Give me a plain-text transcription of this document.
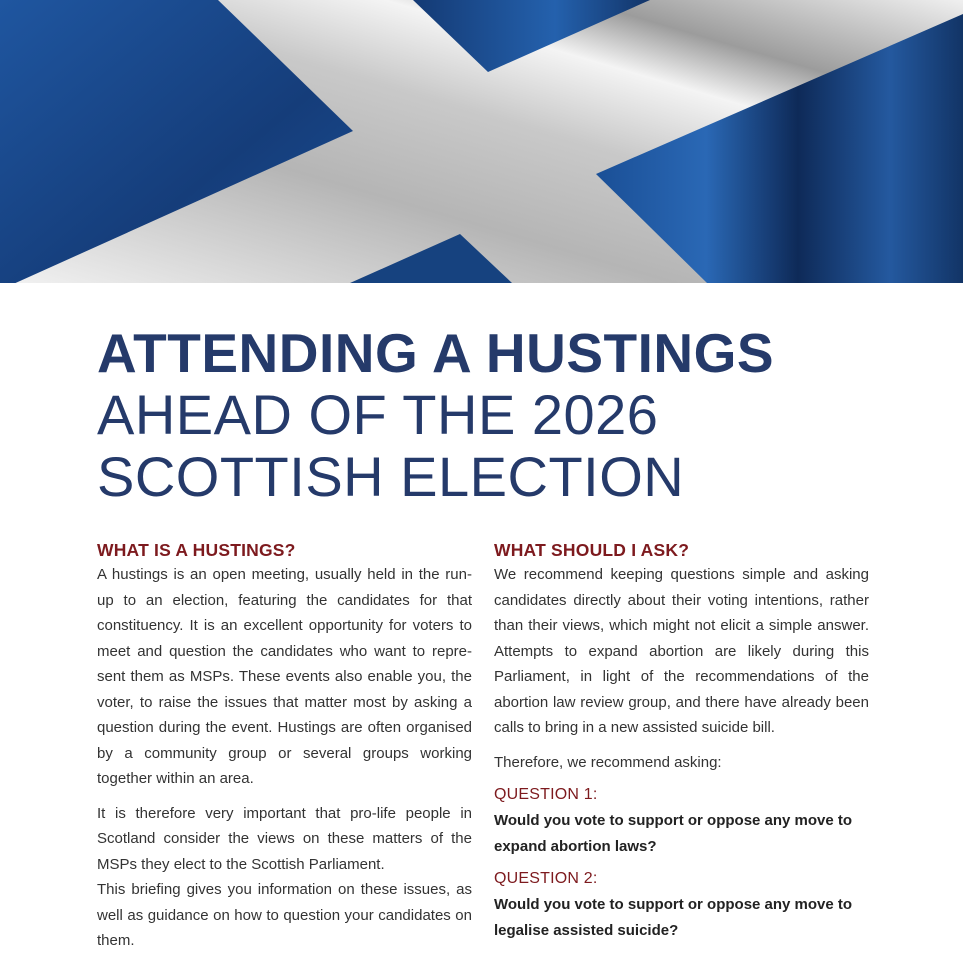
ATTENDING A HUSTINGS
AHEAD OF THE 2026
SCOTTISH ELECTION
WHAT IS A HUSTINGS?

A hustings is an open meeting, usually held in the run-up to an election, featuring the candidates for that constituency. It is an excellent opportunity for voters to meet and question the candidates who want to represent them as MSPs. These events also enable you, the voter, to raise the issues that matter most by asking a question during the event. Hustings are often organised by a community group or several groups working together within an area.

It is therefore very important that pro-life people in Scotland consider the views on these matters of the MSPs they elect to the Scottish Parliament.

This briefing gives you information on these issues, as well as guidance on how to question your candidates on them.

WHAT SHOULD I ASK?

We recommend keeping questions simple and asking candidates directly about their voting intentions, rather than their views, which might not elicit a simple answer. Attempts to expand abortion are likely during this Parliament, in light of the recommendations of the abortion law review group, and there have already been calls to bring in a new assisted suicide bill.

Therefore, we recommend asking:

QUESTION 1:

Would you vote to support or oppose any move to expand abortion laws?

QUESTION 2:

Would you vote to support or oppose any move to legalise assisted suicide?
